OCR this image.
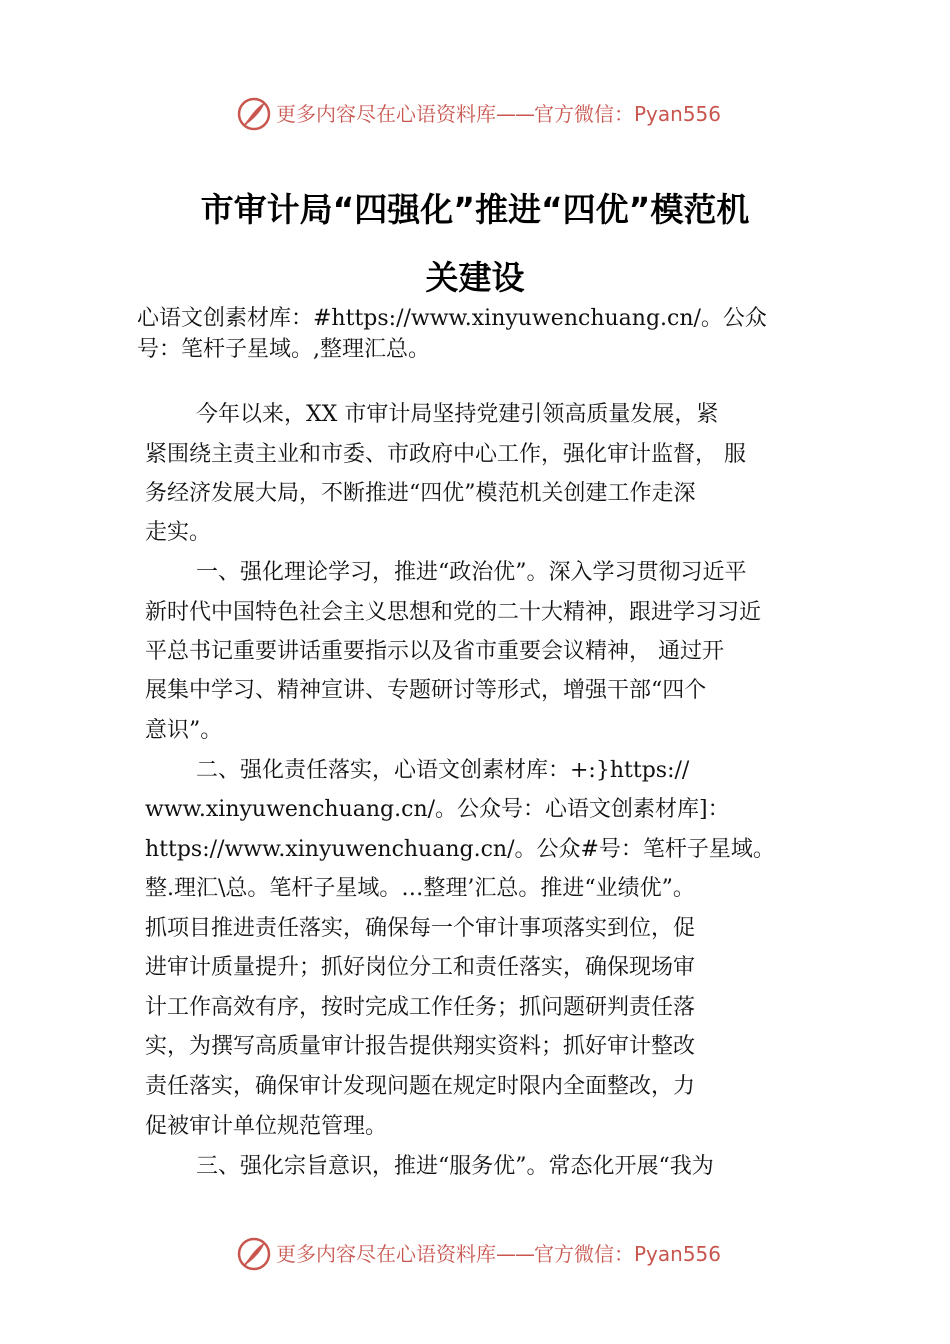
更多内容尽在心语资料库——官方微信：Pyan556
市审计局“四强化”推进“四优”模范机
关建设
心语文创素材库：#https://www.xinyuwenchuang.cn/。公众
号：笔杆子星域。,整理汇总。
今年以来，XX 市审计局坚持党建引领高质量发展，紧
紧围绕主责主业和市委、市政府中心工作，强化审计监督， 服
务经济发展大局，不断推进“四优”模范机关创建工作走深
走实。
一、强化理论学习，推进“政治优”。深入学习贯彻习近平
新时代中国特色社会主义思想和党的二十大精神，跟进学习习近
平总书记重要讲话重要指示以及省市重要会议精神， 通过开
展集中学习、精神宣讲、专题研讨等形式，增强干部“四个
意识”。
二、强化责任落实，心语文创素材库：+:}https://
www.xinyuwenchuang.cn/。公众号：心语文创素材库]：
https://www.xinyuwenchuang.cn/。公众#号：笔杆子星域。
整.理汇\总。笔杆子星域。…整理’汇总。推进“业绩优”。
抓项目推进责任落实，确保每一个审计事项落实到位，促
进审计质量提升；抓好岗位分工和责任落实，确保现场审
计工作高效有序，按时完成工作任务；抓问题研判责任落
实，为撰写高质量审计报告提供翔实资料；抓好审计整改
责任落实，确保审计发现问题在规定时限内全面整改，力
促被审计单位规范管理。
三、强化宗旨意识，推进“服务优”。常态化开展“我为
更多内容尽在心语资料库——官方微信：Pyan556
